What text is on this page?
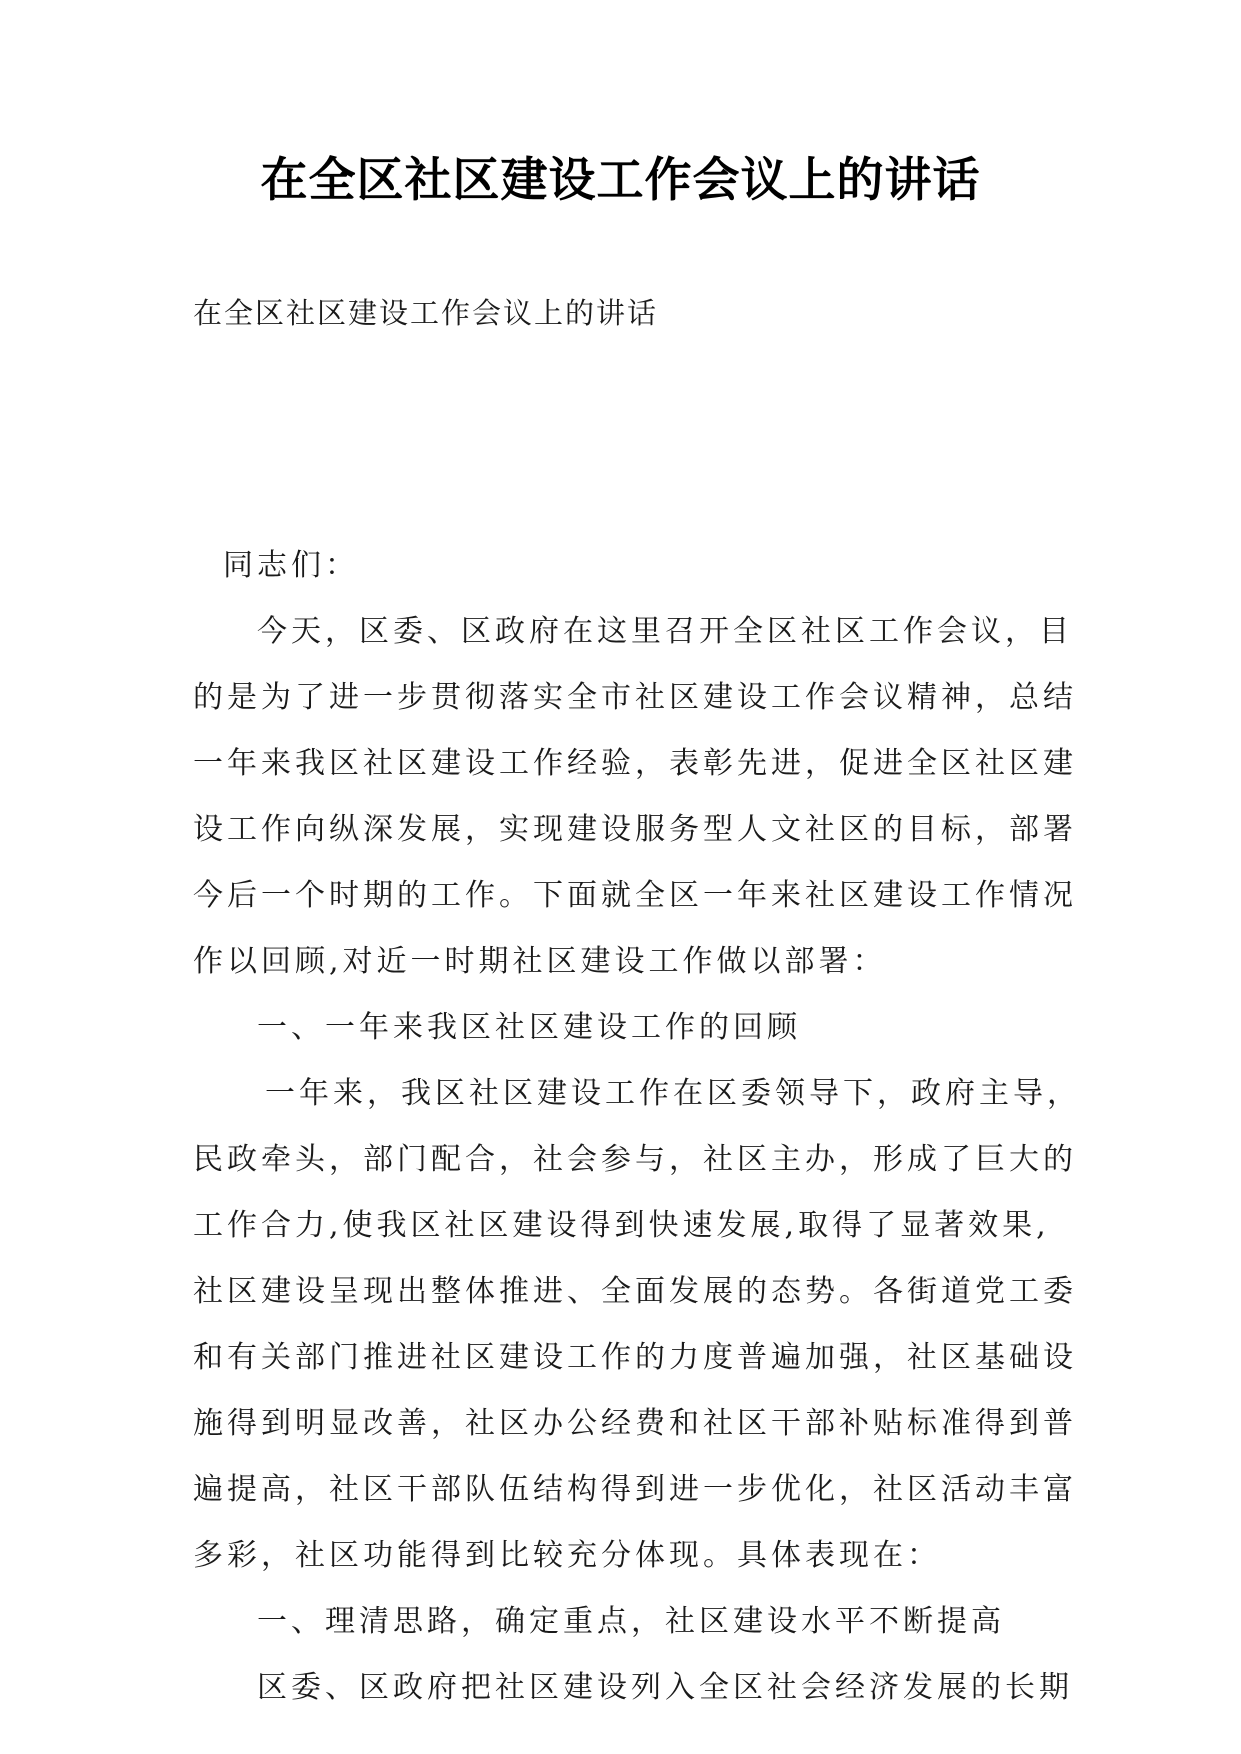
在全区社区建设工作会议上的讲话

在全区社区建设工作会议上的讲话

同志们：
今天，区委、区政府在这里召开全区社区工作会议，目
的是为了进一步贯彻落实全市社区建设工作会议精神，总结
一年来我区社区建设工作经验，表彰先进，促进全区社区建
设工作向纵深发展，实现建设服务型人文社区的目标，部署
今后一个时期的工作。下面就全区一年来社区建设工作情况
作以回顾,对近一时期社区建设工作做以部署：
一、一年来我区社区建设工作的回顾
一年来，我区社区建设工作在区委领导下，政府主导，
民政牵头，部门配合，社会参与，社区主办，形成了巨大的
工作合力,使我区社区建设得到快速发展,取得了显著效果,
社区建设呈现出整体推进、全面发展的态势。各街道党工委
和有关部门推进社区建设工作的力度普遍加强，社区基础设
施得到明显改善，社区办公经费和社区干部补贴标准得到普
遍提高，社区干部队伍结构得到进一步优化，社区活动丰富
多彩，社区功能得到比较充分体现。具体表现在：
一、理清思路，确定重点，社区建设水平不断提高
区委、区政府把社区建设列入全区社会经济发展的长期
